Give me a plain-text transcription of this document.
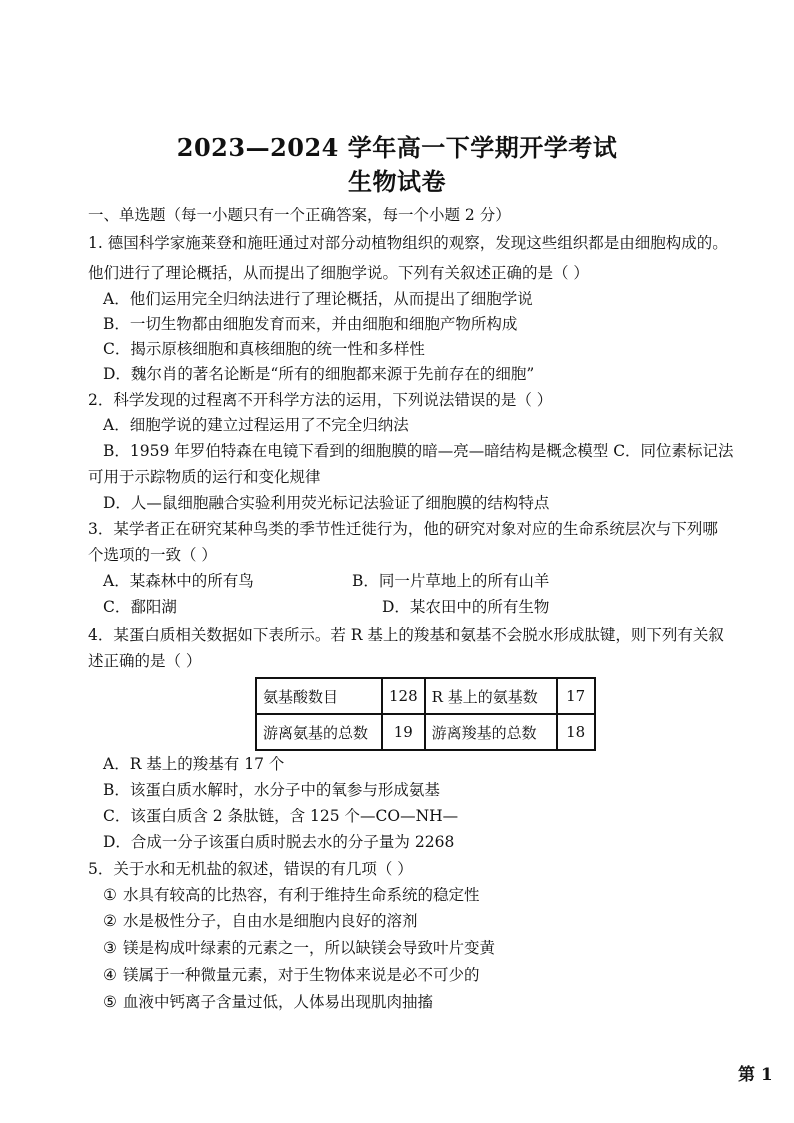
2023—2024 学年高一下学期开学考试
生物试卷
一、单选题（每一小题只有一个正确答案，每一个小题 2 分）
1. 德国科学家施莱登和施旺通过对部分动植物组织的观察，发现这些组织都是由细胞构成的。
他们进行了理论概括，从而提出了细胞学说。下列有关叙述正确的是（ ）
A．他们运用完全归纳法进行了理论概括，从而提出了细胞学说
B．一切生物都由细胞发育而来，并由细胞和细胞产物所构成
C．揭示原核细胞和真核细胞的统一性和多样性
D．魏尔肖的著名论断是“所有的细胞都来源于先前存在的细胞”
2．科学发现的过程离不开科学方法的运用，下列说法错误的是（ ）
A．细胞学说的建立过程运用了不完全归纳法
B．1959 年罗伯特森在电镜下看到的细胞膜的暗—亮—暗结构是概念模型 C．同位素标记法
可用于示踪物质的运行和变化规律
D．人—鼠细胞融合实验利用荧光标记法验证了细胞膜的结构特点
3．某学者正在研究某种鸟类的季节性迁徙行为，他的研究对象对应的生命系统层次与下列哪
个选项的一致（ ）
A．某森林中的所有鸟	B．同一片草地上的所有山羊
C．鄱阳湖	D．某农田中的所有生物
4．某蛋白质相关数据如下表所示。若 R 基上的羧基和氨基不会脱水形成肽键，则下列有关叙
述正确的是（ ）
氨基酸数目	128	R 基上的氨基数	17
游离氨基的总数	19	游离羧基的总数	18
A．R 基上的羧基有 17 个
B．该蛋白质水解时，水分子中的氧参与形成氨基
C．该蛋白质含 2 条肽链，含 125 个—CO—NH—
D．合成一分子该蛋白质时脱去水的分子量为 2268
5．关于水和无机盐的叙述，错误的有几项（ ）
① 水具有较高的比热容，有利于维持生命系统的稳定性
② 水是极性分子，自由水是细胞内良好的溶剂
③ 镁是构成叶绿素的元素之一，所以缺镁会导致叶片变黄
④ 镁属于一种微量元素，对于生物体来说是必不可少的
⑤ 血液中钙离子含量过低，人体易出现肌肉抽搐
第 1
